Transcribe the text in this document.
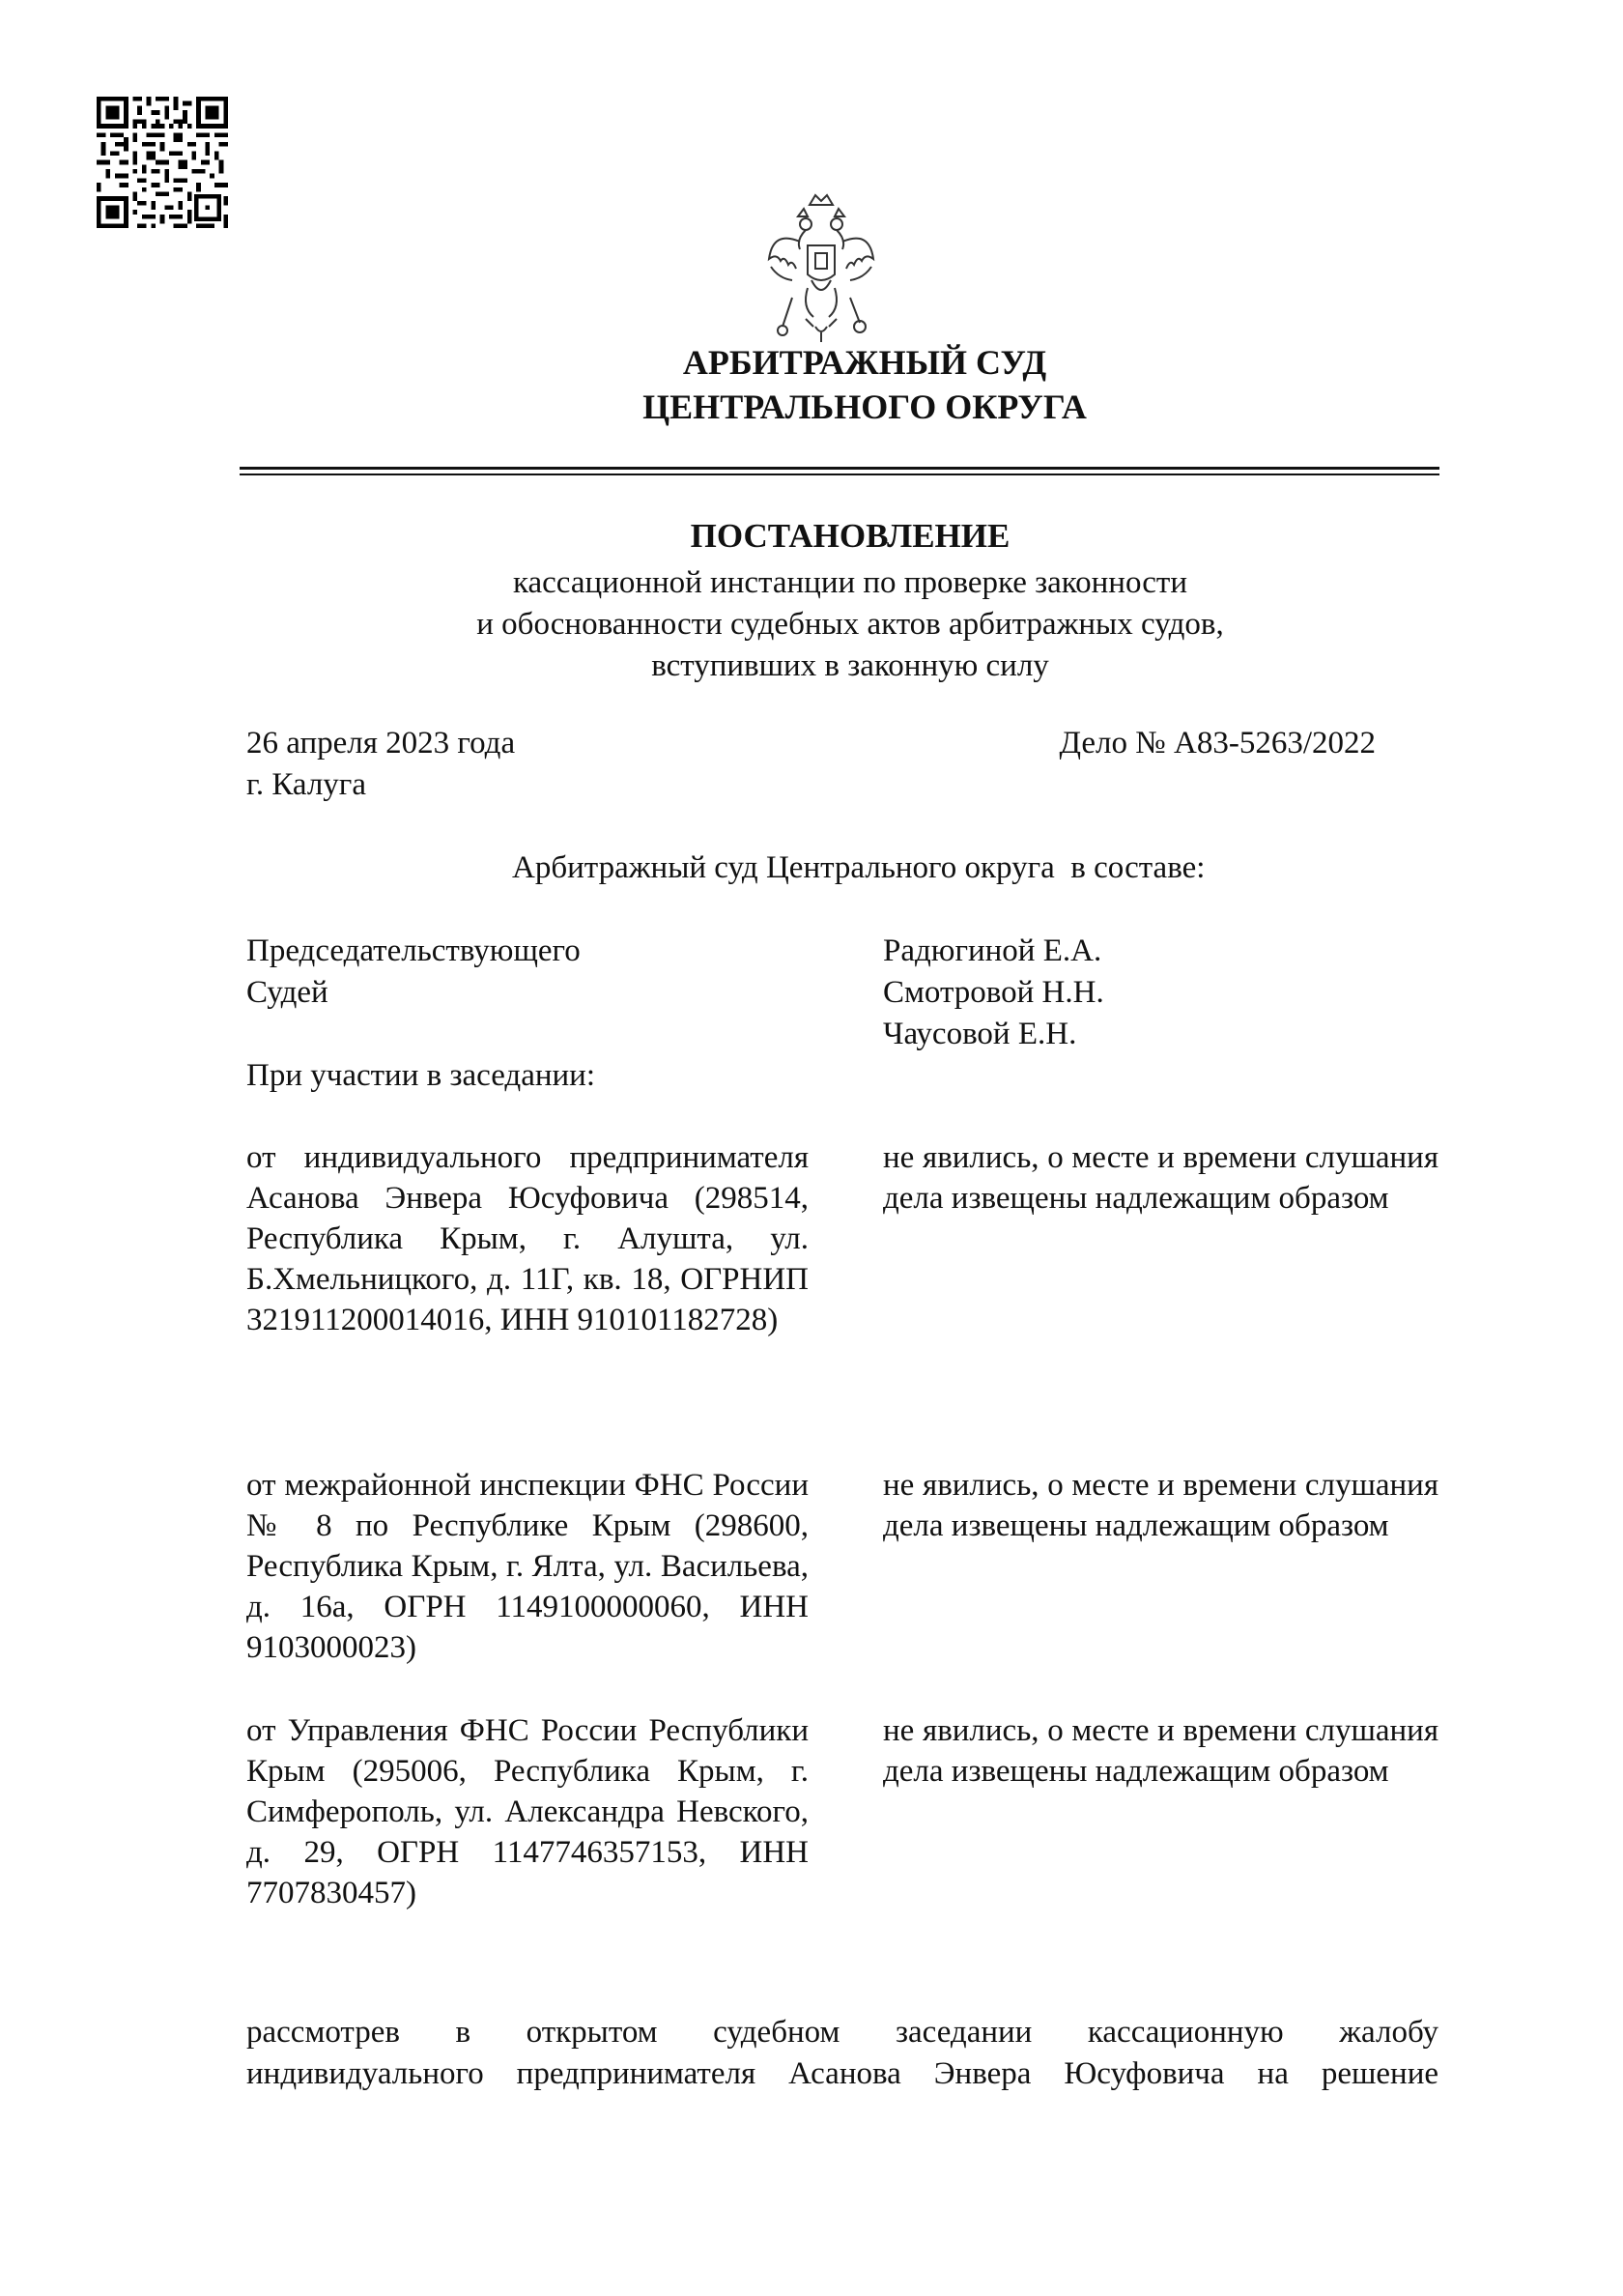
АРБИТРАЖНЫЙ СУД
ЦЕНТРАЛЬНОГО ОКРУГА
ПОСТАНОВЛЕНИЕ
кассационной инстанции по проверке законности
и обоснованности судебных актов арбитражных судов,
вступивших в законную силу
26 апреля 2023 года
г. Калуга
Дело № А83-5263/2022
Арбитражный суд Центрального округа  в составе:
Председательствующего
Судей
Радюгиной Е.А.
Смотровой Н.Н.
Чаусовой Е.Н.
При участии в заседании:
от индивидуального предпринимателя Асанова Энвера Юсуфовича (298514, Республика Крым, г. Алушта, ул. Б.Хмельницкого, д. 11Г, кв. 18, ОГРНИП 321911200014016, ИНН 910101182728)
не явились, о месте и времени слушания дела извещены надлежащим образом
от межрайонной инспекции ФНС России № 8 по Республике Крым (298600, Республика Крым, г. Ялта, ул. Васильева, д. 16а, ОГРН 1149100000060, ИНН 9103000023)
не явились, о месте и времени слушания дела извещены надлежащим образом
от Управления ФНС России Республики Крым (295006, Республика Крым, г. Симферополь, ул. Александра Невского, д. 29, ОГРН 1147746357153, ИНН 7707830457)
не явились, о месте и времени слушания дела извещены надлежащим образом
рассмотрев в открытом судебном заседании кассационную жалобу
индивидуального предпринимателя Асанова Энвера Юсуфовича на решение
